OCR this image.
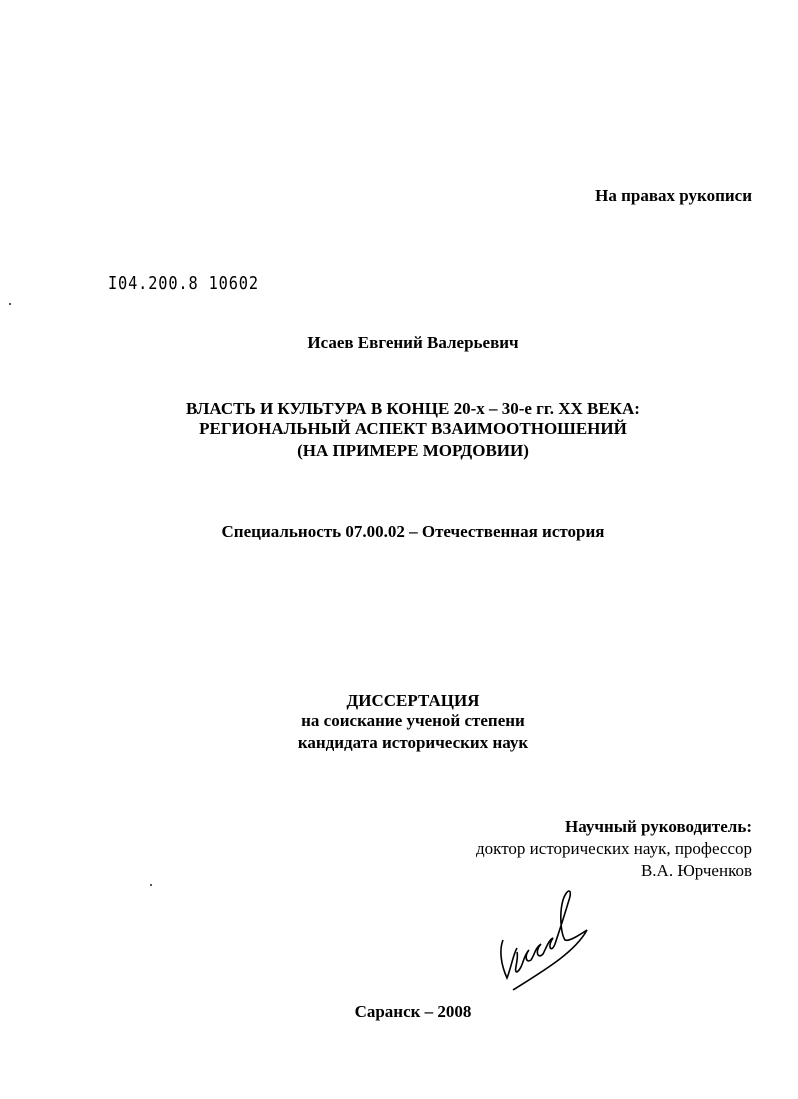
На правах рукописи
I04.200.8 10602
Исаев Евгений Валерьевич
ВЛАСТЬ И КУЛЬТУРА В КОНЦЕ 20-х – 30-е гг. XX ВЕКА:
РЕГИОНАЛЬНЫЙ АСПЕКТ ВЗАИМООТНОШЕНИЙ
(НА ПРИМЕРЕ МОРДОВИИ)
Специальность 07.00.02 – Отечественная история
ДИССЕРТАЦИЯ
на соискание ученой степени
кандидата исторических наук
Научный руководитель:
доктор исторических наук, профессор
В.А. Юрченков
Саранск – 2008
